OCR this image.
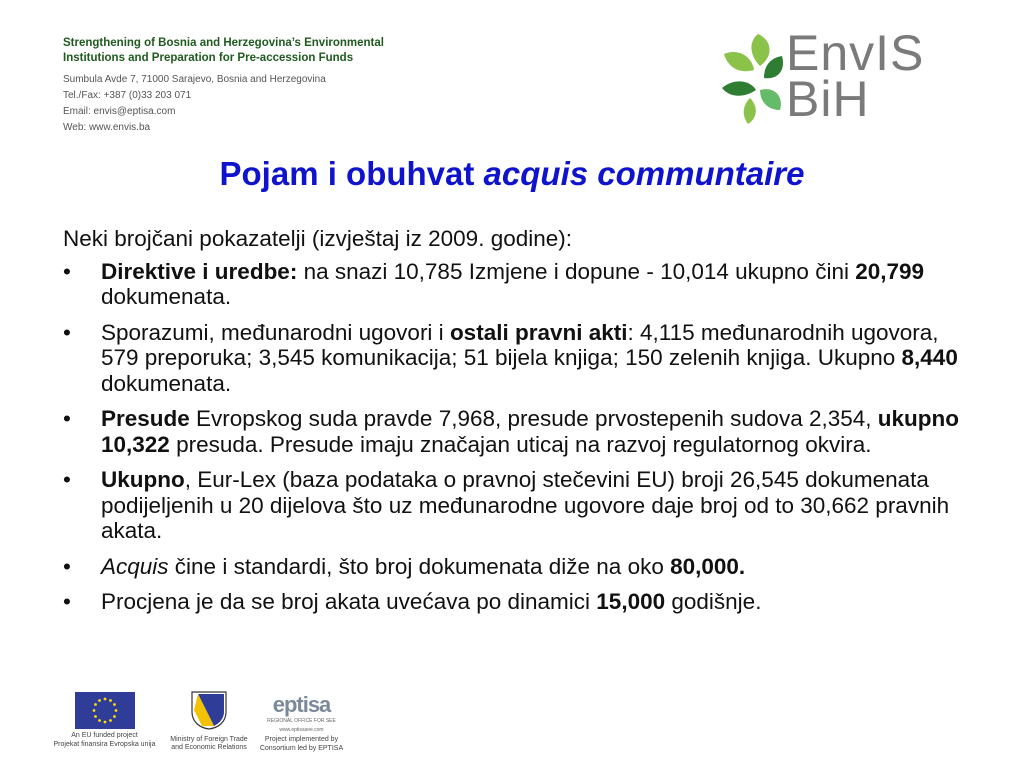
Strengthening of Bosnia and Herzegovina’s Environmental
Institutions and Preparation for Pre-accession Funds
Sumbula Avde 7, 71000 Sarajevo, Bosnia and Herzegovina
Tel./Fax: +387 (0)33 203 071
Email: envis@eptisa.com
Web: www.envis.ba
EnvIS
BiH
Pojam i obuhvat acquis communtaire
Neki brojčani pokazatelji (izvještaj iz 2009. godine):
• Direktive i uredbe: na snazi 10,785 Izmjene i dopune - 10,014 ukupno čini 20,799 dokumenata.
• Sporazumi, međunarodni ugovori i ostali pravni akti: 4,115 međunarodnih ugovora, 579 preporuka; 3,545 komunikacija; 51 bijela knjiga; 150 zelenih knjiga. Ukupno 8,440 dokumenata.
• Presude Evropskog suda pravde 7,968, presude prvostepenih sudova 2,354, ukupno 10,322 presuda. Presude imaju značajan uticaj na razvoj regulatornog okvira.
• Ukupno, Eur-Lex (baza podataka o pravnoj stečevini EU) broji 26,545 dokumenata podijeljenih u 20 dijelova što uz međunarodne ugovore daje broj od to 30,662 pravnih akata.
• Acquis čine i standardi, što broj dokumenata diže na oko 80,000.
• Procjena je da se broj akata uvećava po dinamici 15,000 godišnje.
An EU funded project
Projekat finansira Evropska unija
Ministry of Foreign Trade
and Economic Relations
eptisa
REGIONAL OFFICE FOR SEE
www.eptisasee.com
Project implemented by
Consortium led by EPTISA
